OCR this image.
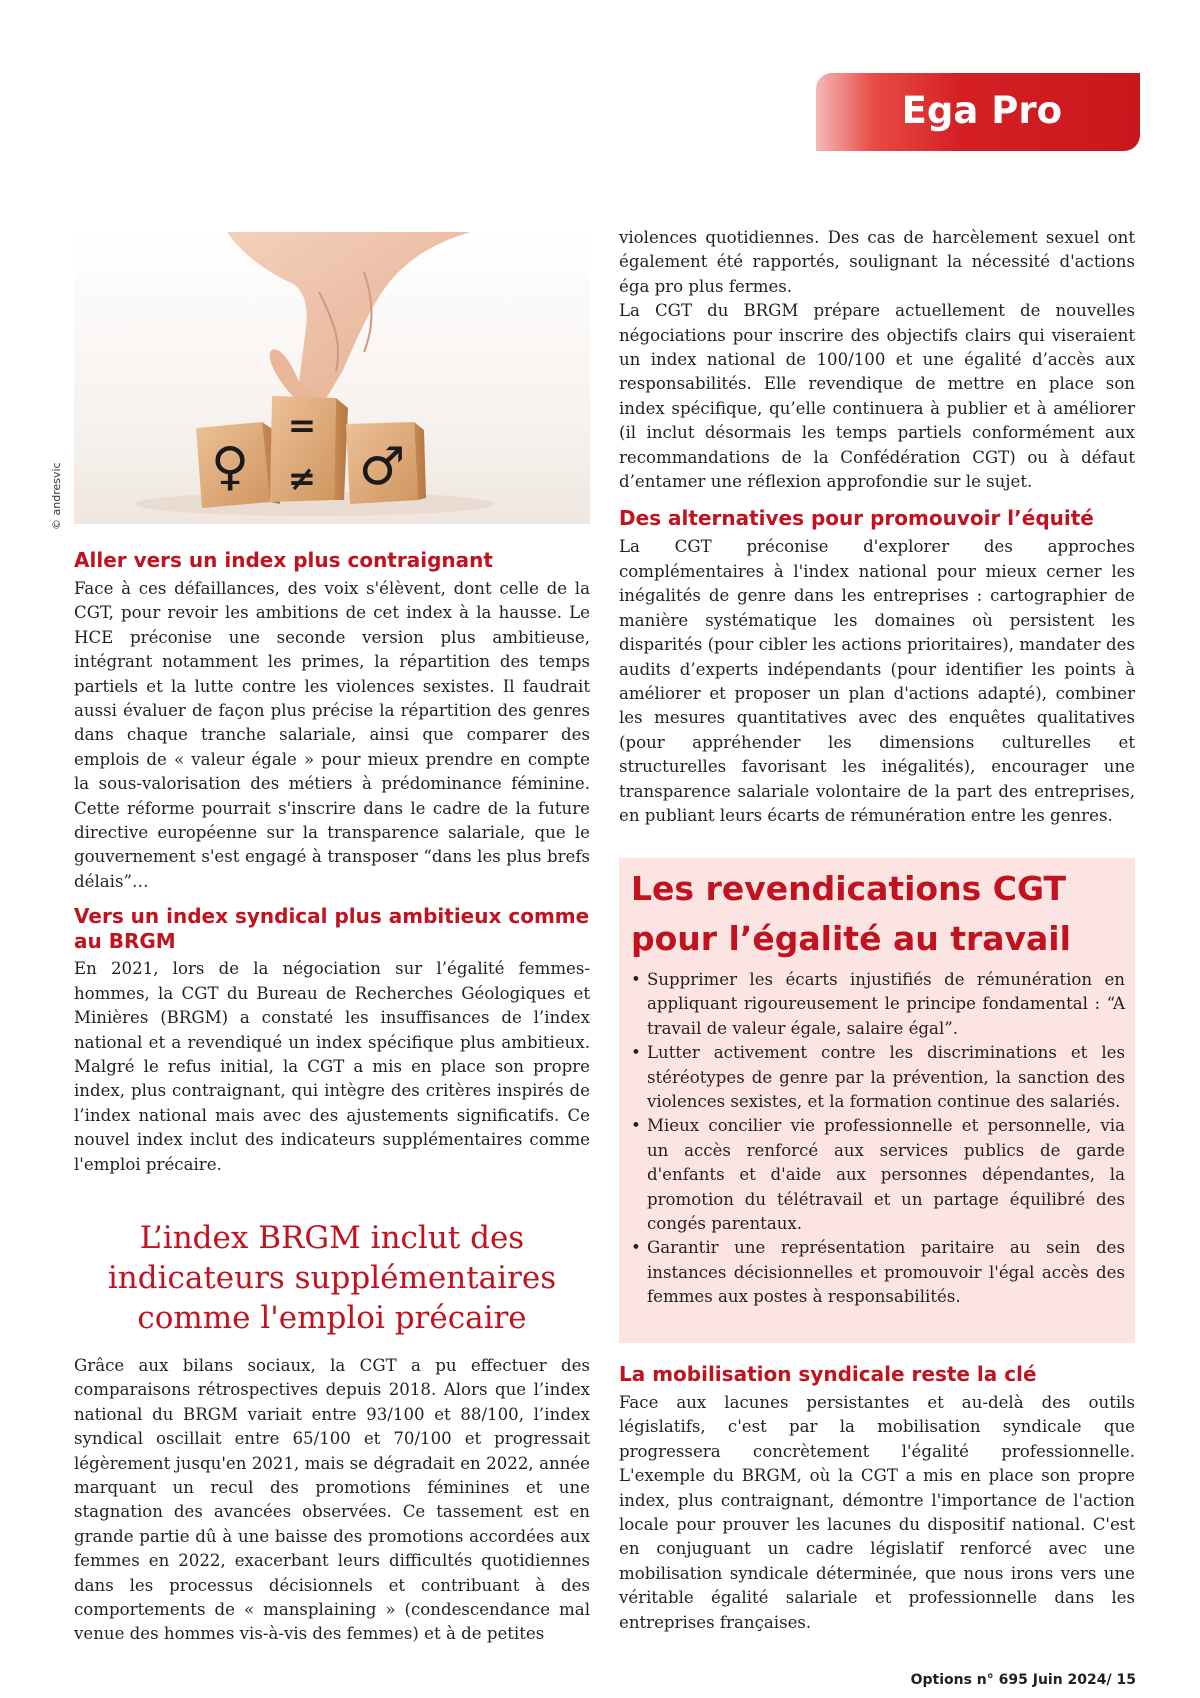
Ega Pro
♀
=
≠ ♂
© andresvic
Aller vers un index plus contraignant

Face à ces défaillances, des voix s'élèvent, dont celle de la CGT, pour revoir les ambitions de cet index à la hausse. Le HCE préconise une seconde version plus ambitieuse, intégrant notamment les primes, la répartition des temps partiels et la lutte contre les violences sexistes. Il faudrait aussi évaluer de façon plus précise la répartition des genres dans chaque tranche salariale, ainsi que comparer des emplois de « valeur égale » pour mieux prendre en compte la sous-valorisation des métiers à prédominance féminine. Cette réforme pourrait s'inscrire dans le cadre de la future directive européenne sur la transparence salariale, que le gouvernement s'est engagé à transposer “dans les plus brefs délais”…

Vers un index syndical plus ambitieux comme au BRGM

En 2021, lors de la négociation sur l’égalité femmes-hommes, la CGT du Bureau de Recherches Géologiques et Minières (BRGM) a constaté les insuffisances de l’index national et a revendiqué un index spécifique plus ambitieux. Malgré le refus initial, la CGT a mis en place son propre index, plus contraignant, qui intègre des critères inspirés de l’index national mais avec des ajustements significatifs. Ce nouvel index inclut des indicateurs supplémentaires comme l'emploi précaire.

L’index BRGM inclut des indicateurs supplémentaires comme l'emploi précaire

Grâce aux bilans sociaux, la CGT a pu effectuer des comparaisons rétrospectives depuis 2018. Alors que l’index national du BRGM variait entre 93/100 et 88/100, l’index syndical oscillait entre 65/100 et 70/100 et progressait légèrement jusqu'en 2021, mais se dégradait en 2022, année marquant un recul des promotions féminines et une stagnation des avancées observées. Ce tassement est en grande partie dû à une baisse des promotions accordées aux femmes en 2022, exacerbant leurs difficultés quotidiennes dans les processus décisionnels et contribuant à des comportements de « mansplaining » (condescendance mal venue des hommes vis-à-vis des femmes) et à de petites

violences quotidiennes. Des cas de harcèlement sexuel ont également été rapportés, soulignant la nécessité d'actions éga pro plus fermes.

La CGT du BRGM prépare actuellement de nouvelles négociations pour inscrire des objectifs clairs qui viseraient un index national de 100/100 et une égalité d’accès aux responsabilités. Elle revendique de mettre en place son index spécifique, qu’elle continuera à publier et à améliorer (il inclut désormais les temps partiels conformément aux recommandations de la Confédération CGT) ou à défaut d’entamer une réflexion approfondie sur le sujet.

Des alternatives pour promouvoir l’équité

La CGT préconise d'explorer des approches complémentaires à l'index national pour mieux cerner les inégalités de genre dans les entreprises : cartographier de manière systématique les domaines où persistent les disparités (pour cibler les actions prioritaires), mandater des audits d’experts indépendants (pour identifier les points à améliorer et proposer un plan d'actions adapté), combiner les mesures quantitatives avec des enquêtes qualitatives (pour appréhender les dimensions culturelles et structurelles favorisant les inégalités), encourager une transparence salariale volontaire de la part des entreprises, en publiant leurs écarts de rémunération entre les genres.

Les revendications CGT pour l’égalité au travail
• Supprimer les écarts injustifiés de rémunération en appliquant rigoureusement le principe fondamental : “A travail de valeur égale, salaire égal”.
• Lutter activement contre les discriminations et les stéréotypes de genre par la prévention, la sanction des violences sexistes, et la formation continue des salariés.
• Mieux concilier vie professionnelle et personnelle, via un accès renforcé aux services publics de garde d'enfants et d'aide aux personnes dépendantes, la promotion du télétravail et un partage équilibré des congés parentaux.
• Garantir une représentation paritaire au sein des instances décisionnelles et promouvoir l'égal accès des femmes aux postes à responsabilités.
La mobilisation syndicale reste la clé

Face aux lacunes persistantes et au-delà des outils législatifs, c'est par la mobilisation syndicale que progressera concrètement l'égalité professionnelle. L'exemple du BRGM, où la CGT a mis en place son propre index, plus contraignant, démontre l'importance de l'action locale pour prouver les lacunes du dispositif national. C'est en conjuguant un cadre législatif renforcé avec une mobilisation syndicale déterminée, que nous irons vers une véritable égalité salariale et professionnelle dans les entreprises françaises.

Options n° 695 Juin 2024/ 15
